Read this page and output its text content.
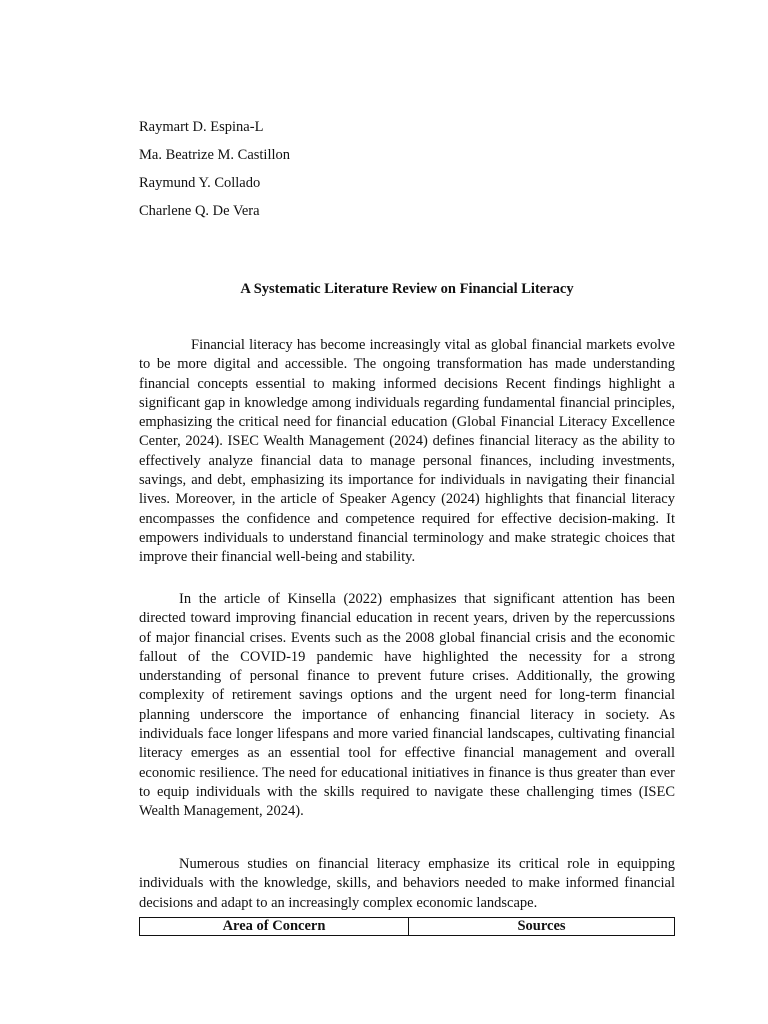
Raymart D. Espina-L
Ma. Beatrize M. Castillon
Raymund Y. Collado
Charlene Q. De Vera
A Systematic Literature Review on Financial Literacy

Financial literacy has become increasingly vital as global financial markets evolve to be more digital and accessible. The ongoing transformation has made understanding financial concepts essential to making informed decisions Recent findings highlight a significant gap in knowledge among individuals regarding fundamental financial principles, emphasizing the critical need for financial education (Global Financial Literacy Excellence Center, 2024). ISEC Wealth Management (2024) defines financial literacy as the ability to effectively analyze financial data to manage personal finances, including investments, savings, and debt, emphasizing its importance for individuals in navigating their financial lives. Moreover, in the article of Speaker Agency (2024) highlights that financial literacy encompasses the confidence and competence required for effective decision-making. It empowers individuals to understand financial terminology and make strategic choices that improve their financial well-being and stability.

In the article of Kinsella (2022) emphasizes that significant attention has been directed toward improving financial education in recent years, driven by the repercussions of major financial crises. Events such as the 2008 global financial crisis and the economic fallout of the COVID-19 pandemic have highlighted the necessity for a strong understanding of personal finance to prevent future crises. Additionally, the growing complexity of retirement savings options and the urgent need for long-term financial planning underscore the importance of enhancing financial literacy in society. As individuals face longer lifespans and more varied financial landscapes, cultivating financial literacy emerges as an essential tool for effective financial management and overall economic resilience. The need for educational initiatives in finance is thus greater than ever to equip individuals with the skills required to navigate these challenging times (ISEC Wealth Management, 2024).

Numerous studies on financial literacy emphasize its critical role in equipping individuals with the knowledge, skills, and behaviors needed to make informed financial decisions and adapt to an increasingly complex economic landscape.

Area of Concern	Sources
